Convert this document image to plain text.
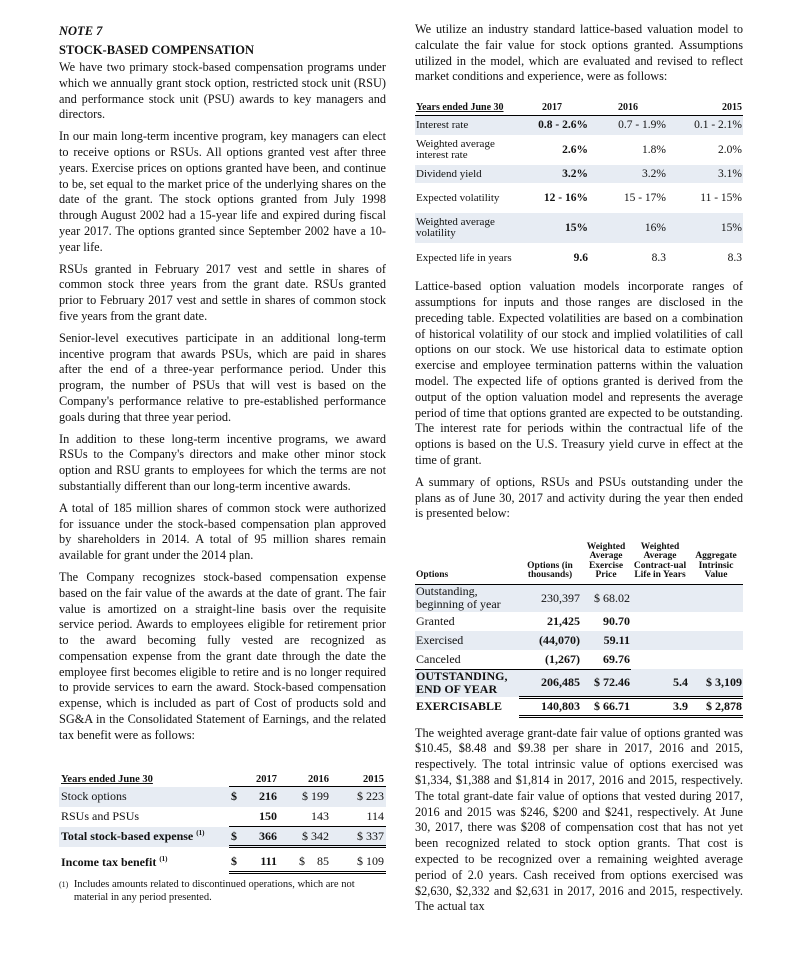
NOTE 7
STOCK-BASED COMPENSATION

We have two primary stock-based compensation programs under which we annually grant stock option, restricted stock unit (RSU) and performance stock unit (PSU) awards to key managers and directors.

In our main long-term incentive program, key managers can elect to receive options or RSUs. All options granted vest after three years. Exercise prices on options granted have been, and continue to be, set equal to the market price of the underlying shares on the date of the grant. The stock options granted from July 1998 through August 2002 had a 15-year life and expired during fiscal year 2017. The options granted since September 2002 have a 10-year life.

RSUs granted in February 2017 vest and settle in shares of common stock three years from the grant date. RSUs granted prior to February 2017 vest and settle in shares of common stock five years from the grant date.

Senior-level executives participate in an additional long-term incentive program that awards PSUs, which are paid in shares after the end of a three-year performance period. Under this program, the number of PSUs that will vest is based on the Company's performance relative to pre-established performance goals during that three year period.

In addition to these long-term incentive programs, we award RSUs to the Company's directors and make other minor stock option and RSU grants to employees for which the terms are not substantially different than our long-term incentive awards.

A total of 185 million shares of common stock were authorized for issuance under the stock-based compensation plan approved by shareholders in 2014. A total of 95 million shares remain available for grant under the 2014 plan.

The Company recognizes stock-based compensation expense based on the fair value of the awards at the date of grant. The fair value is amortized on a straight-line basis over the requisite service period. Awards to employees eligible for retirement prior to the award becoming fully vested are recognized as compensation expense from the grant date through the date the employee first becomes eligible to retire and is no longer required to provide services to earn the award. Stock-based compensation expense, which is included as part of Cost of products sold and SG&A in the Consolidated Statement of Earnings, and the related tax benefit were as follows:

Years ended June 30		2017	2016	2015
Stock options	$	216	$ 199	$ 223
RSUs and PSUs		150	143	114
Total stock-based expense $^{(1)}$	$	366	$ 342	$ 337

Income tax benefit $^{(1)}$	$	111	$    85	$ 109
(1) Includes amounts related to discontinued operations, which are not material in any period presented.

We utilize an industry standard lattice-based valuation model to calculate the fair value for stock options granted. Assumptions utilized in the model, which are evaluated and revised to reflect market conditions and experience, were as follows:

Years ended June 30	2017	2016	2015
Interest rate	0.8 - 2.6%	0.7 - 1.9%	0.1 - 2.1%
Weighted average interest rate	2.6%	1.8%	2.0%
Dividend yield	3.2%	3.2%	3.1%
Expected volatility	12 - 16%	15 - 17%	11 - 15%
Weighted average volatility	15%	16%	15%
Expected life in years	9.6	8.3	8.3

Lattice-based option valuation models incorporate ranges of assumptions for inputs and those ranges are disclosed in the preceding table. Expected volatilities are based on a combination of historical volatility of our stock and implied volatilities of call options on our stock. We use historical data to estimate option exercise and employee termination patterns within the valuation model. The expected life of options granted is derived from the output of the option valuation model and represents the average period of time that options granted are expected to be outstanding. The interest rate for periods within the contractual life of the options is based on the U.S. Treasury yield curve in effect at the time of grant.

A summary of options, RSUs and PSUs outstanding under the plans as of June 30, 2017 and activity during the year then ended is presented below:

Options	Options (in thousands)	Weighted Average Exercise Price	Weighted Average Contract-ual Life in Years	Aggregate Intrinsic Value
Outstanding, beginning of year	230,397	$ 68.02		
Granted	21,425	90.70		
Exercised	(44,070)	59.11		
Canceled	(1,267)	69.76		
OUTSTANDING, END OF YEAR	206,485	$ 72.46	5.4	$ 3,109
EXERCISABLE	140,803	$ 66.71	3.9	$ 2,878

The weighted average grant-date fair value of options granted was $10.45, $8.48 and $9.38 per share in 2017, 2016 and 2015, respectively. The total intrinsic value of options exercised was $1,334, $1,388 and $1,814 in 2017, 2016 and 2015, respectively. The total grant-date fair value of options that vested during 2017, 2016 and 2015 was $246, $200 and $241, respectively. At June 30, 2017, there was $208 of compensation cost that has not yet been recognized related to stock option grants. That cost is expected to be recognized over a remaining weighted average period of 2.0 years. Cash received from options exercised was $2,630, $2,332 and $2,631 in 2017, 2016 and 2015, respectively. The actual tax
